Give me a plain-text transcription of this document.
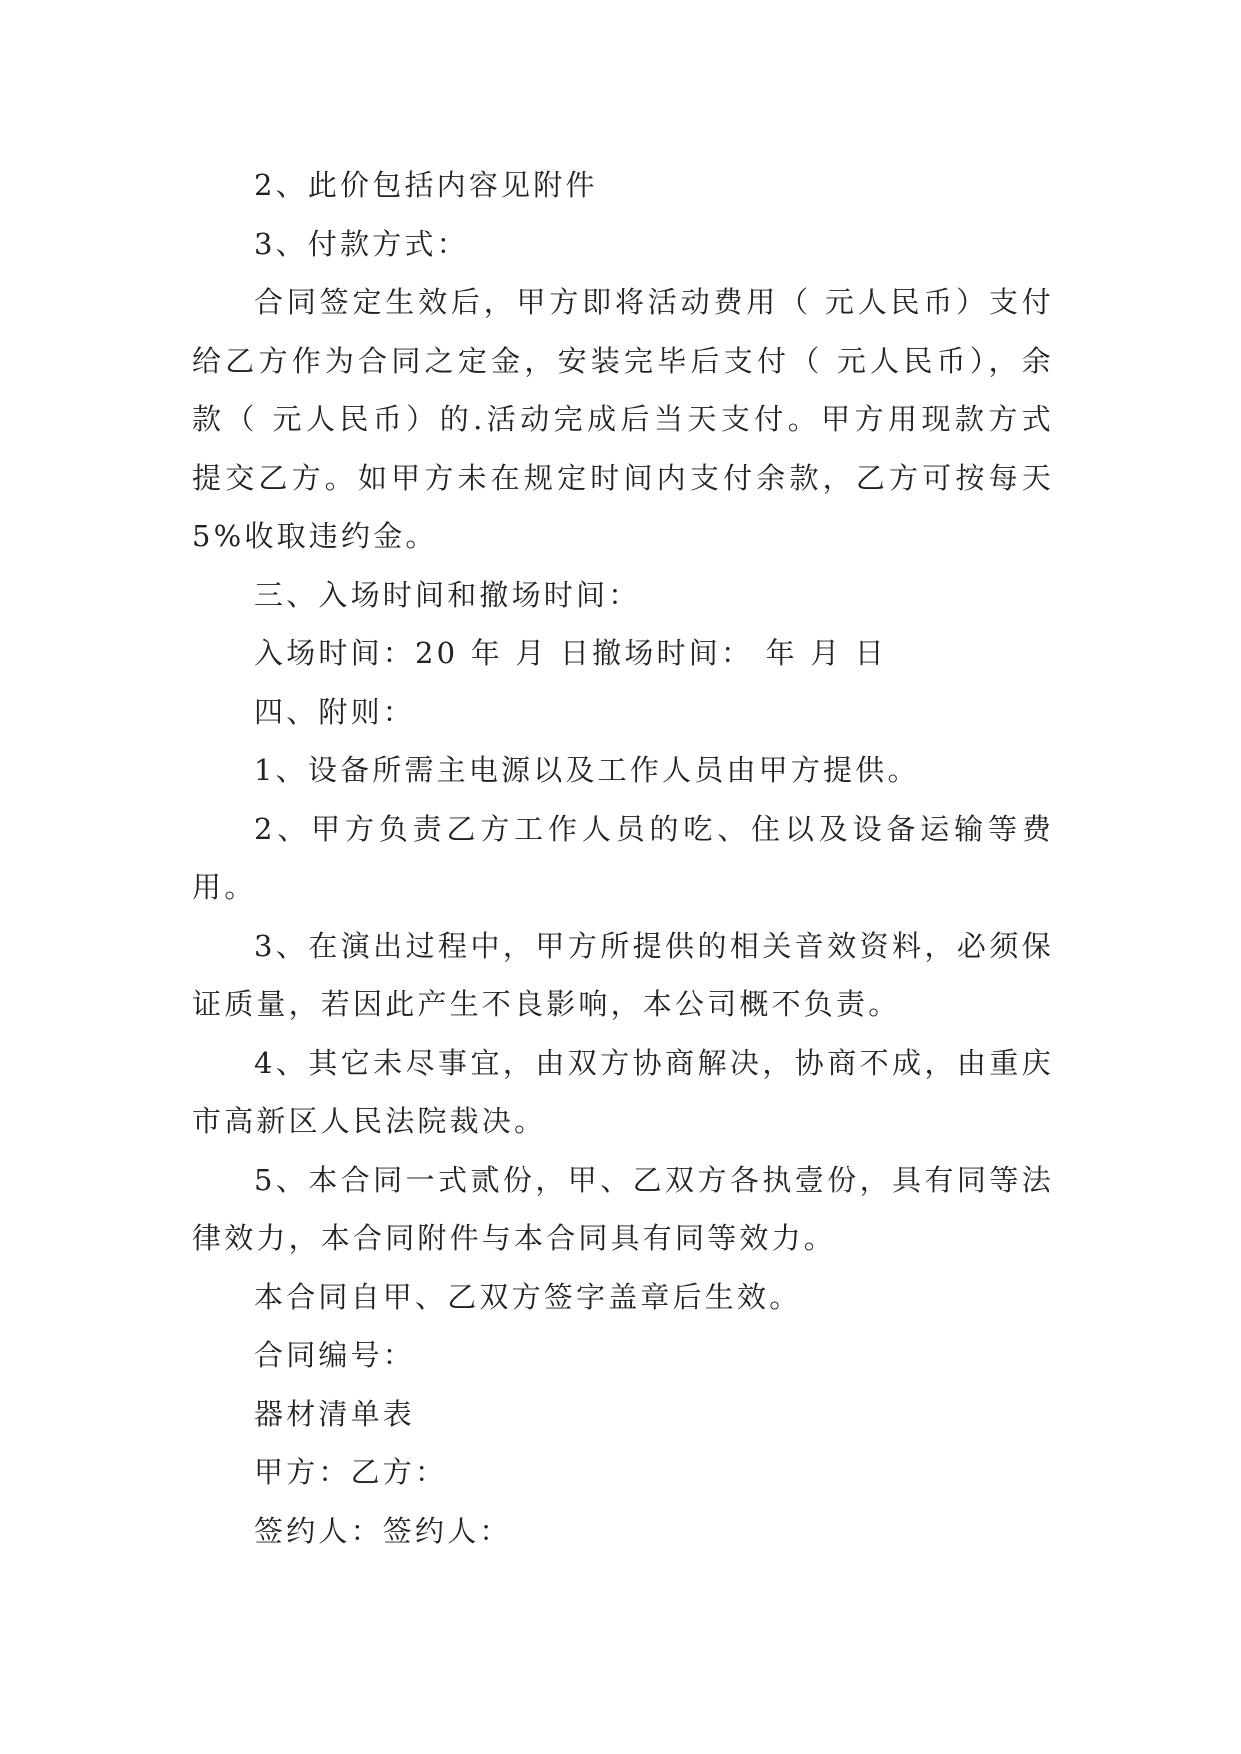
2、此价包括内容见附件

3、付款方式：

合同签定生效后，甲方即将活动费用（ 元人民币）支付给乙方作为合同之定金，安装完毕后支付（ 元人民币），余款（ 元人民币）的.活动完成后当天支付。甲方用现款方式提交乙方。如甲方未在规定时间内支付余款，乙方可按每天 5%收取违约金。

三、入场时间和撤场时间：

入场时间：20 年 月 日撤场时间： 年 月 日

四、附则：

1、设备所需主电源以及工作人员由甲方提供。

2、甲方负责乙方工作人员的吃、住以及设备运输等费用。

3、在演出过程中，甲方所提供的相关音效资料，必须保证质量，若因此产生不良影响，本公司概不负责。

4、其它未尽事宜，由双方协商解决，协商不成，由重庆市高新区人民法院裁决。

5、本合同一式贰份，甲、乙双方各执壹份，具有同等法律效力，本合同附件与本合同具有同等效力。

本合同自甲、乙双方签字盖章后生效。

合同编号：

器材清单表

甲方：乙方：

签约人：签约人：
